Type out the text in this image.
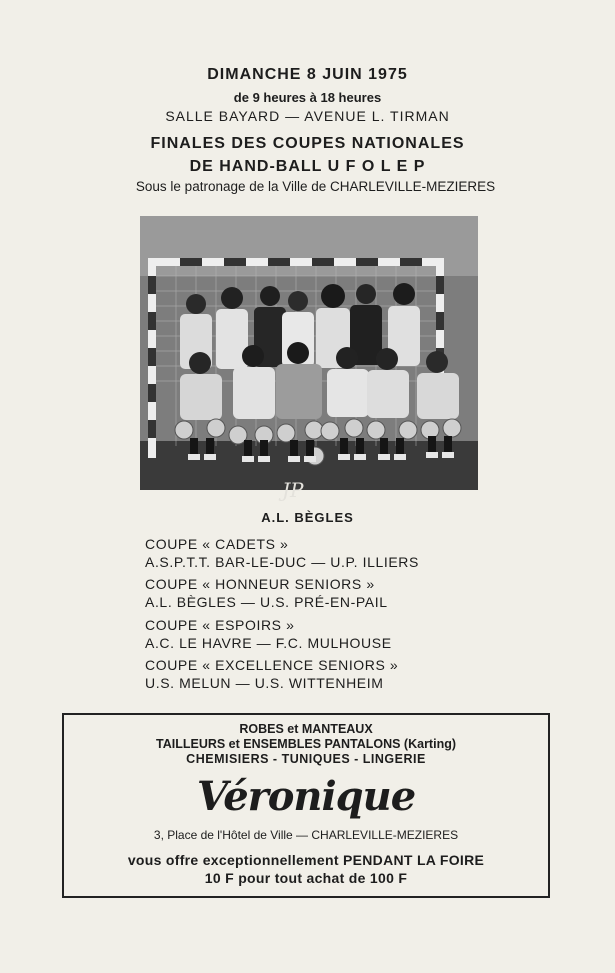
DIMANCHE 8 JUIN 1975
de 9 heures à 18 heures
SALLE BAYARD — AVENUE L. TIRMAN
FINALES DES COUPES NATIONALES
DE HAND-BALL U F O L E P
Sous le patronage de la Ville de CHARLEVILLE-MEZIERES
JP
A.L. BÈGLES
COUPE « CADETS »
A.S.P.T.T. BAR-LE-DUC — U.P. ILLIERS
COUPE « HONNEUR SENIORS »
A.L. BÈGLES — U.S. PRÉ-EN-PAIL
COUPE « ESPOIRS »
A.C. LE HAVRE — F.C. MULHOUSE
COUPE « EXCELLENCE SENIORS »
U.S. MELUN — U.S. WITTENHEIM
ROBES et MANTEAUX
TAILLEURS et ENSEMBLES PANTALONS (Karting)
CHEMISIERS - TUNIQUES - LINGERIE
Véronique
3, Place de l'Hôtel de Ville — CHARLEVILLE-MEZIERES
vous offre exceptionnellement PENDANT LA FOIRE
10 F pour tout achat de 100 F
